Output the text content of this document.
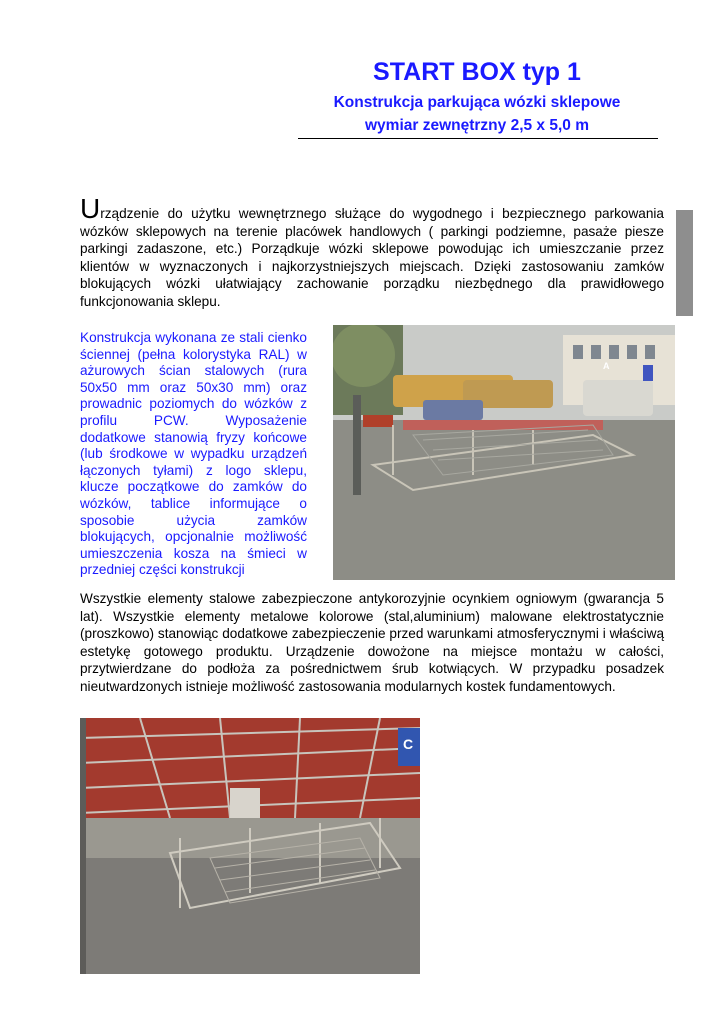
START BOX typ 1
Konstrukcja parkująca wózki sklepowe
wymiar zewnętrzny 2,5 x 5,0 m
Urządzenie do użytku wewnętrznego służące do wygodnego i bezpiecznego parkowania wózków sklepowych na terenie placówek handlowych ( parkingi podziemne, pasaże piesze parkingi zadaszone, etc.) Porządkuje wózki sklepowe powodując ich umieszczanie przez klientów w wyznaczonych i najkorzystniejszych miejscach. Dzięki zastosowaniu zamków blokujących wózki ułatwiający zachowanie porządku niezbędnego dla prawidłowego funkcjonowania sklepu.
Konstrukcja wykonana ze stali cienko ściennej (pełna kolorystyka RAL) w ażurowych ścian stalowych (rura 50x50 mm oraz 50x30 mm) oraz prowadnic poziomych do wózków z profilu PCW. Wyposażenie dodatkowe stanowią fryzy końcowe (lub środkowe w wypadku urządzeń łączonych tyłami) z logo sklepu, klucze początkowe do zamków do wózków, tablice informujące o sposobie użycia zamków blokujących, opcjonalnie możliwość umieszczenia kosza na śmieci w przedniej części konstrukcji
A
Wszystkie elementy stalowe zabezpieczone antykorozyjnie ocynkiem ogniowym (gwarancja 5 lat). Wszystkie elementy metalowe kolorowe (stal,aluminium) malowane elektrostatycznie (proszkowo) stanowiąc dodatkowe zabezpieczenie przed warunkami atmosferycznymi i właściwą estetykę gotowego produktu. Urządzenie dowożone na miejsce montażu w całości, przytwierdzane do podłoża za pośrednictwem śrub kotwiących. W przypadku posadzek nieutwardzonych istnieje możliwość zastosowania modularnych kostek fundamentowych.
C
